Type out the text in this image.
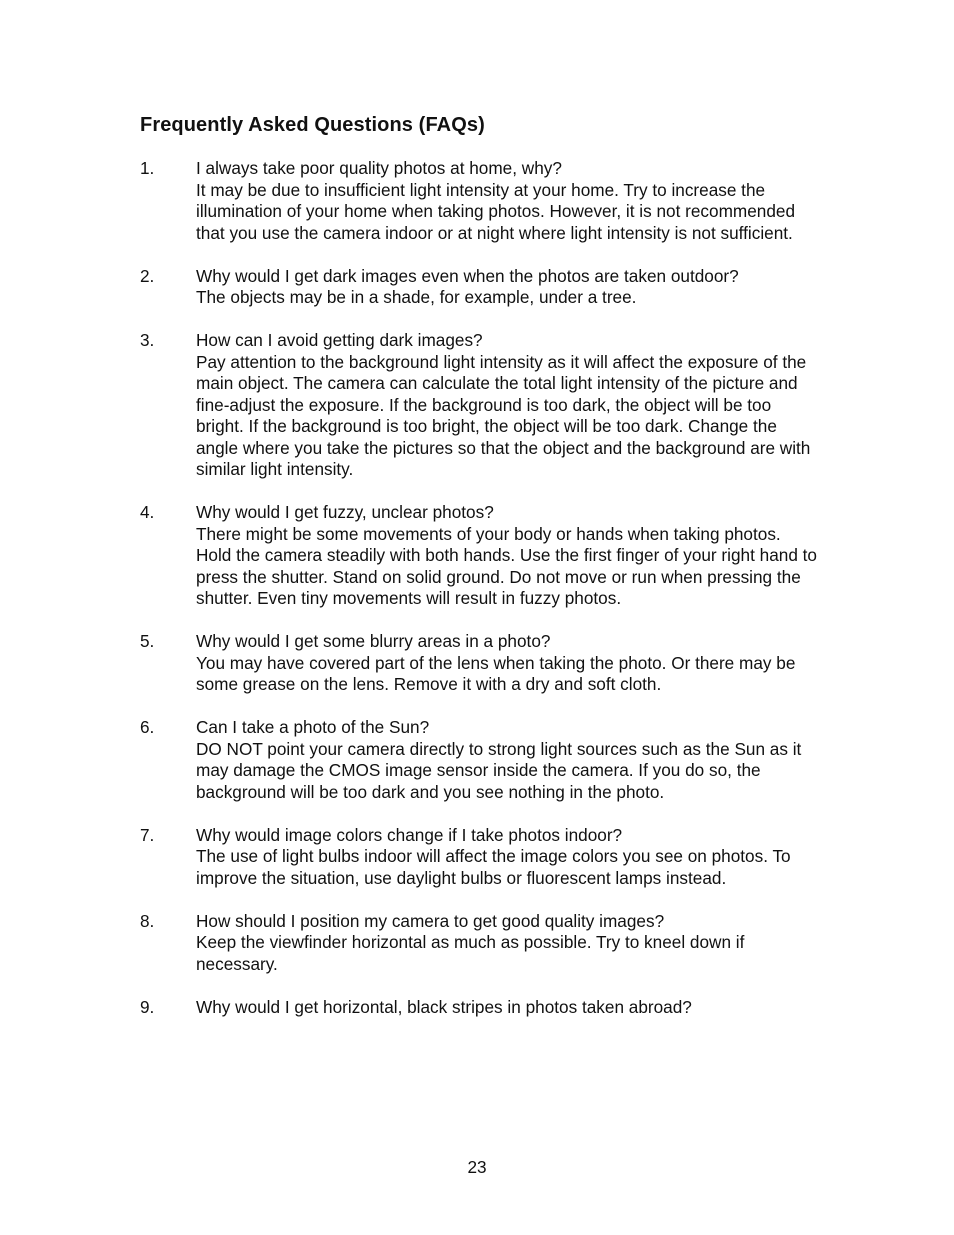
Frequently Asked Questions (FAQs)
1.	I always take poor quality photos at home, why?
It may be due to insufficient light intensity at your home. Try to increase the illumination of your home when taking photos. However, it is not recommended that you use the camera indoor or at night where light intensity is not sufficient.
2.	Why would I get dark images even when the photos are taken outdoor?
The objects may be in a shade, for example, under a tree.
3.	How can I avoid getting dark images?
Pay attention to the background light intensity as it will affect the exposure of the main object. The camera can calculate the total light intensity of the picture and fine-adjust the exposure. If the background is too dark, the object will be too bright. If the background is too bright, the object will be too dark. Change the angle where you take the pictures so that the object and the background are with similar light intensity.
4.	Why would I get fuzzy, unclear photos?
There might be some movements of your body or hands when taking photos. Hold the camera steadily with both hands. Use the first finger of your right hand to press the shutter. Stand on solid ground. Do not move or run when pressing the shutter. Even tiny movements will result in fuzzy photos.
5.	Why would I get some blurry areas in a photo?
You may have covered part of the lens when taking the photo. Or there may be some grease on the lens. Remove it with a dry and soft cloth.
6.	Can I take a photo of the Sun?
DO NOT point your camera directly to strong light sources such as the Sun as it may damage the CMOS image sensor inside the camera. If you do so, the background will be too dark and you see nothing in the photo.
7.	Why would image colors change if I take photos indoor?
The use of light bulbs indoor will affect the image colors you see on photos. To improve the situation, use daylight bulbs or fluorescent lamps instead.
8.	How should I position my camera to get good quality images?
Keep the viewfinder horizontal as much as possible. Try to kneel down if necessary.
9.	Why would I get horizontal, black stripes in photos taken abroad?
23
